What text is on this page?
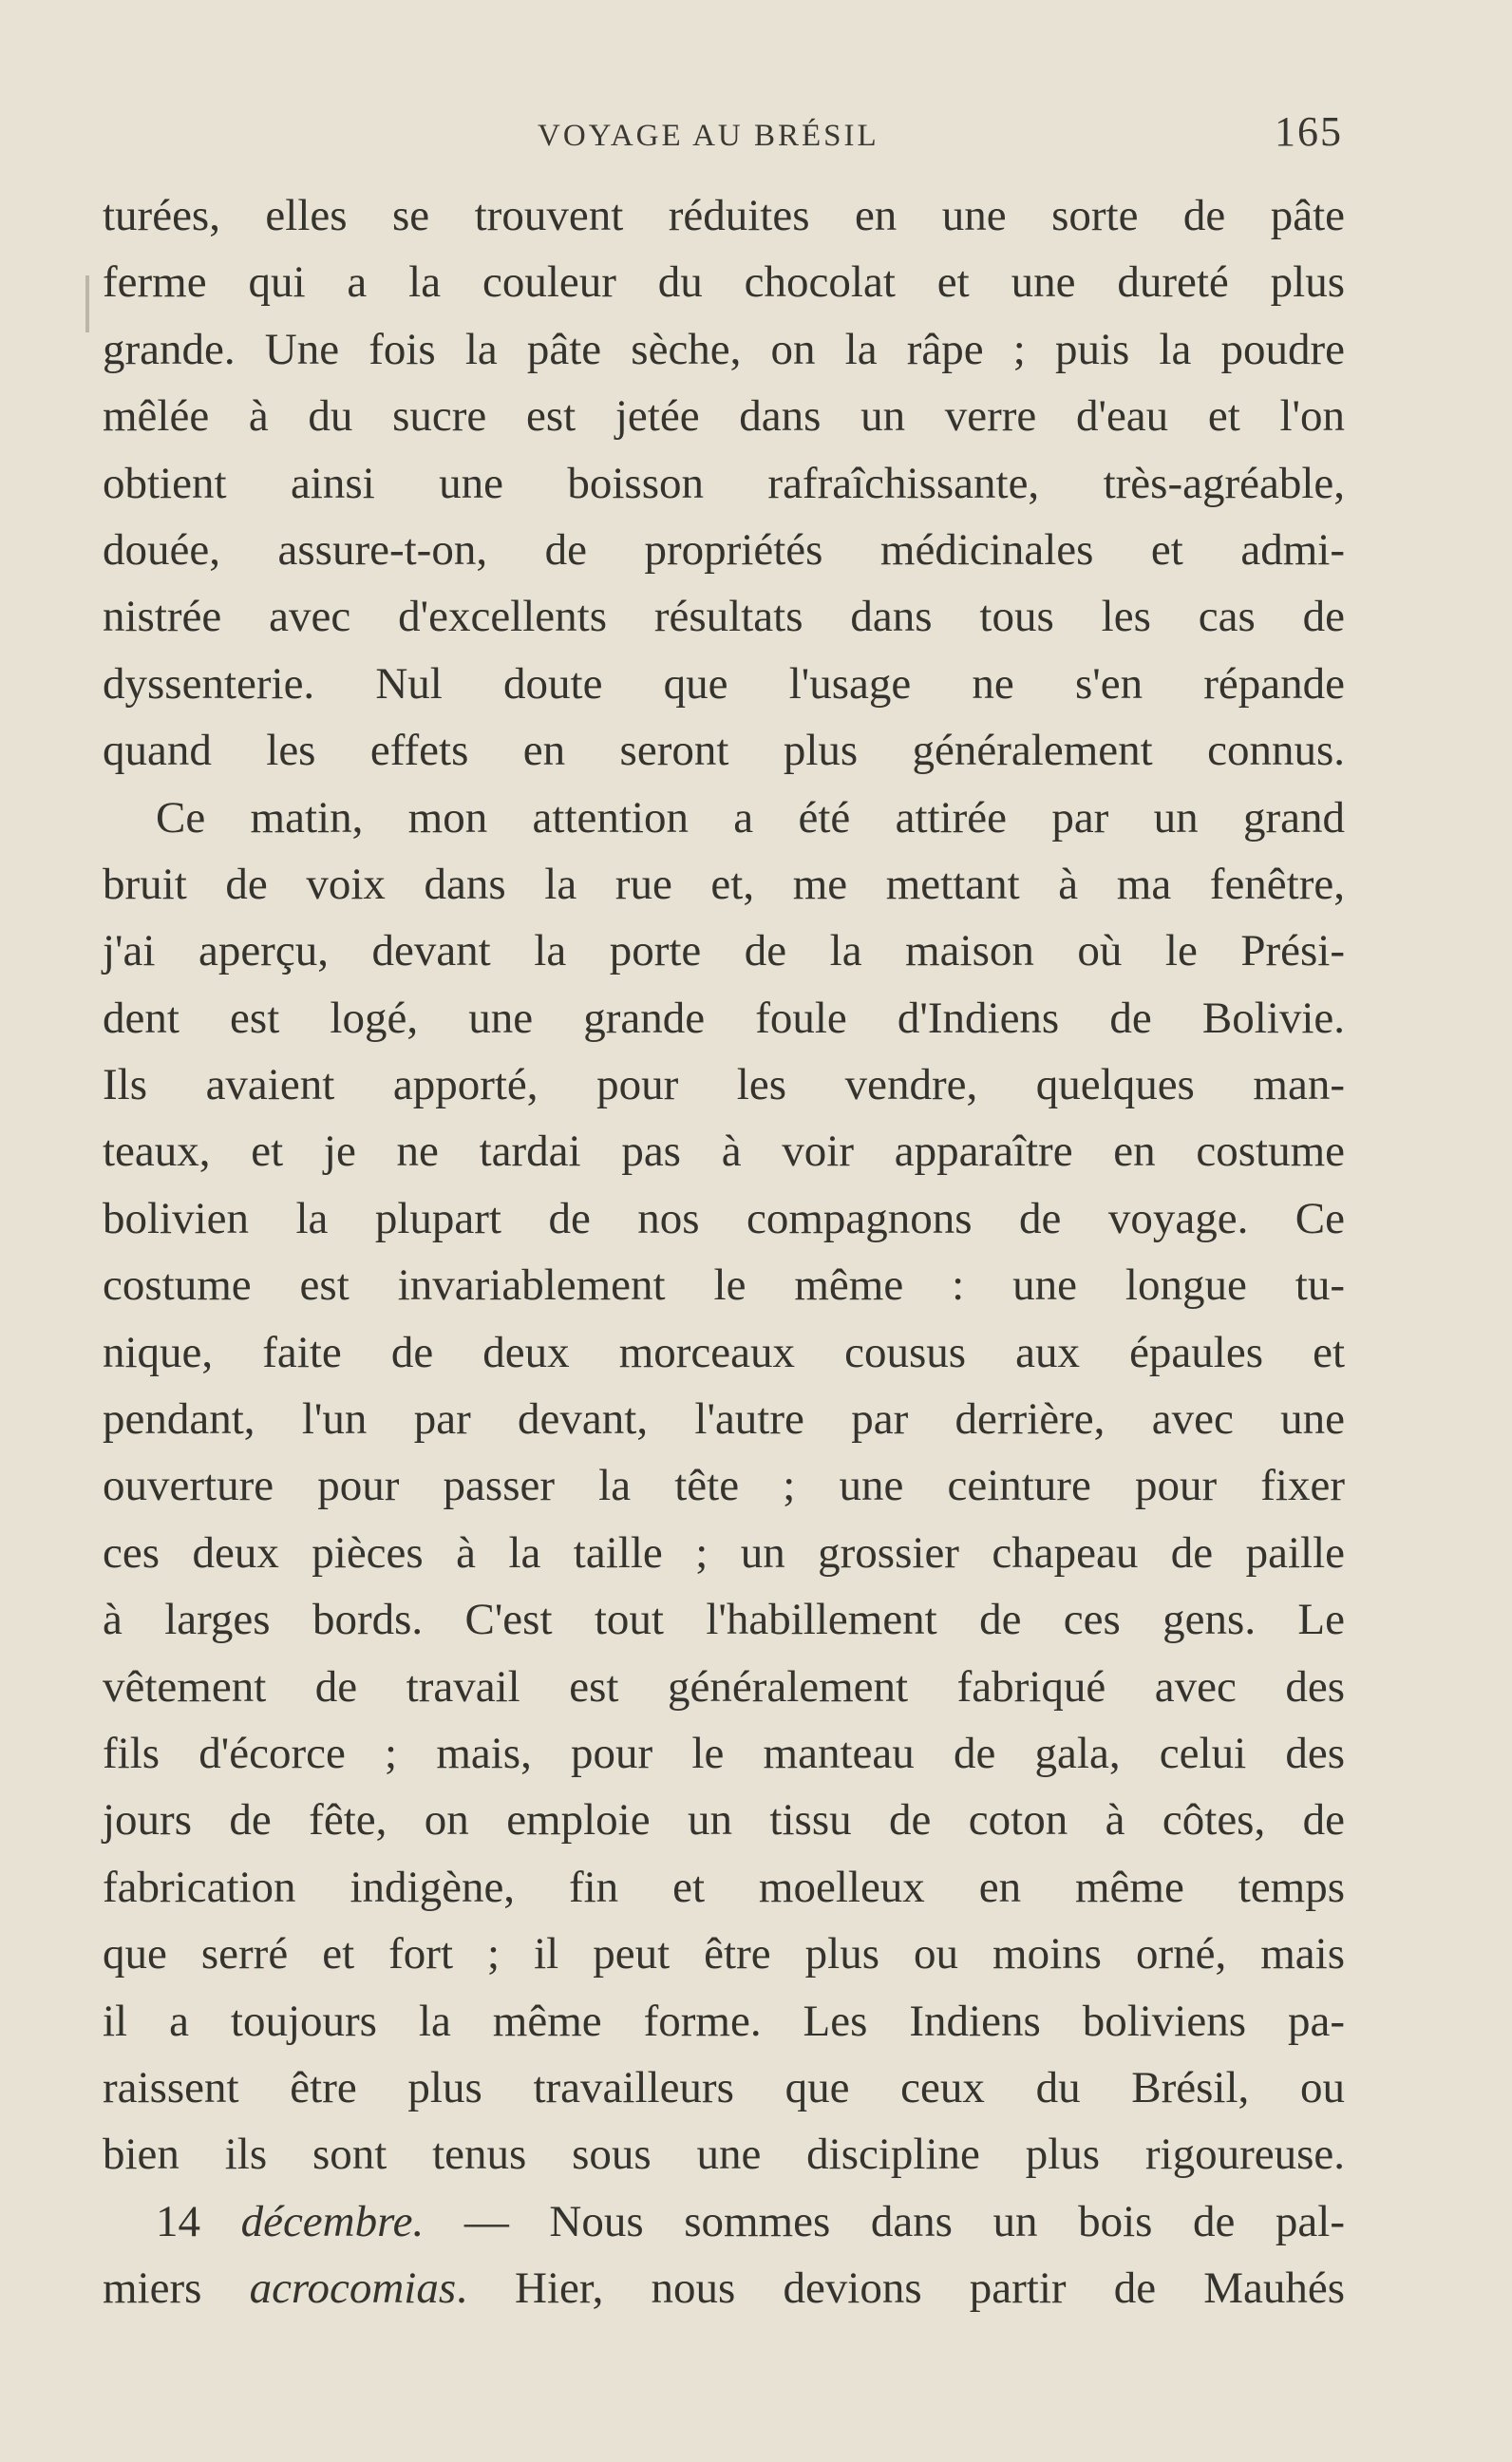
VOYAGE AU BRÉSIL	165
turées, elles se trouvent réduites en une sorte de pâte
ferme qui a la couleur du chocolat et une dureté plus
grande. Une fois la pâte sèche, on la râpe ; puis la poudre
mêlée à du sucre est jetée dans un verre d'eau et l'on
obtient ainsi une boisson rafraîchissante, très-agréable,
douée, assure-t-on, de propriétés médicinales et admi-
nistrée avec d'excellents résultats dans tous les cas de
dyssenterie. Nul doute que l'usage ne s'en répande
quand les effets en seront plus généralement connus.
Ce matin, mon attention a été attirée par un grand
bruit de voix dans la rue et, me mettant à ma fenêtre,
j'ai aperçu, devant la porte de la maison où le Prési-
dent est logé, une grande foule d'Indiens de Bolivie.
Ils avaient apporté, pour les vendre, quelques man-
teaux, et je ne tardai pas à voir apparaître en costume
bolivien la plupart de nos compagnons de voyage. Ce
costume est invariablement le même : une longue tu-
nique, faite de deux morceaux cousus aux épaules et
pendant, l'un par devant, l'autre par derrière, avec une
ouverture pour passer la tête ; une ceinture pour fixer
ces deux pièces à la taille ; un grossier chapeau de paille
à larges bords. C'est tout l'habillement de ces gens. Le
vêtement de travail est généralement fabriqué avec des
fils d'écorce ; mais, pour le manteau de gala, celui des
jours de fête, on emploie un tissu de coton à côtes, de
fabrication indigène, fin et moelleux en même temps
que serré et fort ; il peut être plus ou moins orné, mais
il a toujours la même forme. Les Indiens boliviens pa-
raissent être plus travailleurs que ceux du Brésil, ou
bien ils sont tenus sous une discipline plus rigoureuse.
14 décembre. — Nous sommes dans un bois de pal-
miers acrocomias. Hier, nous devions partir de Mauhés
